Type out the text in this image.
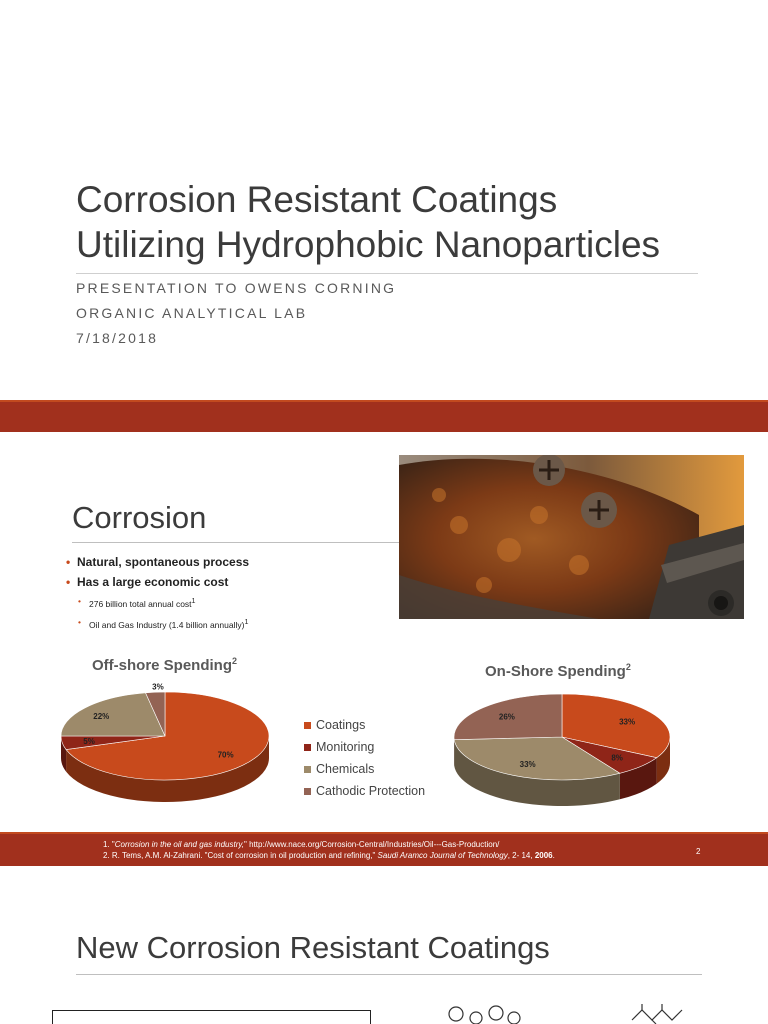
Corrosion Resistant Coatings
Utilizing Hydrophobic Nanoparticles
PRESENTATION TO OWENS CORNING
ORGANIC ANALYTICAL LAB
7/18/2018
Corrosion
• Natural, spontaneous process
• Has a large economic cost
• 276 billion total annual cost$^1$
• Oil and Gas Industry (1.4 billion annually)$^1$
Off-shore Spending$^2$
On-Shore Spending$^2$
70%
5%
22%
3%
33%
8%
33%
26%
Coatings
Monitoring
Chemicals
Cathodic Protection
1. "Corrosion in the oil and gas industry," http://www.nace.org/Corrosion-Central/Industries/Oil---Gas-Production/
2. R. Tems, A.M. Al-Zahrani. "Cost of corrosion in oil production and refining," Saudi Aramco Journal of Technology, 2- 14, 2006.	2
New Corrosion Resistant Coatings
